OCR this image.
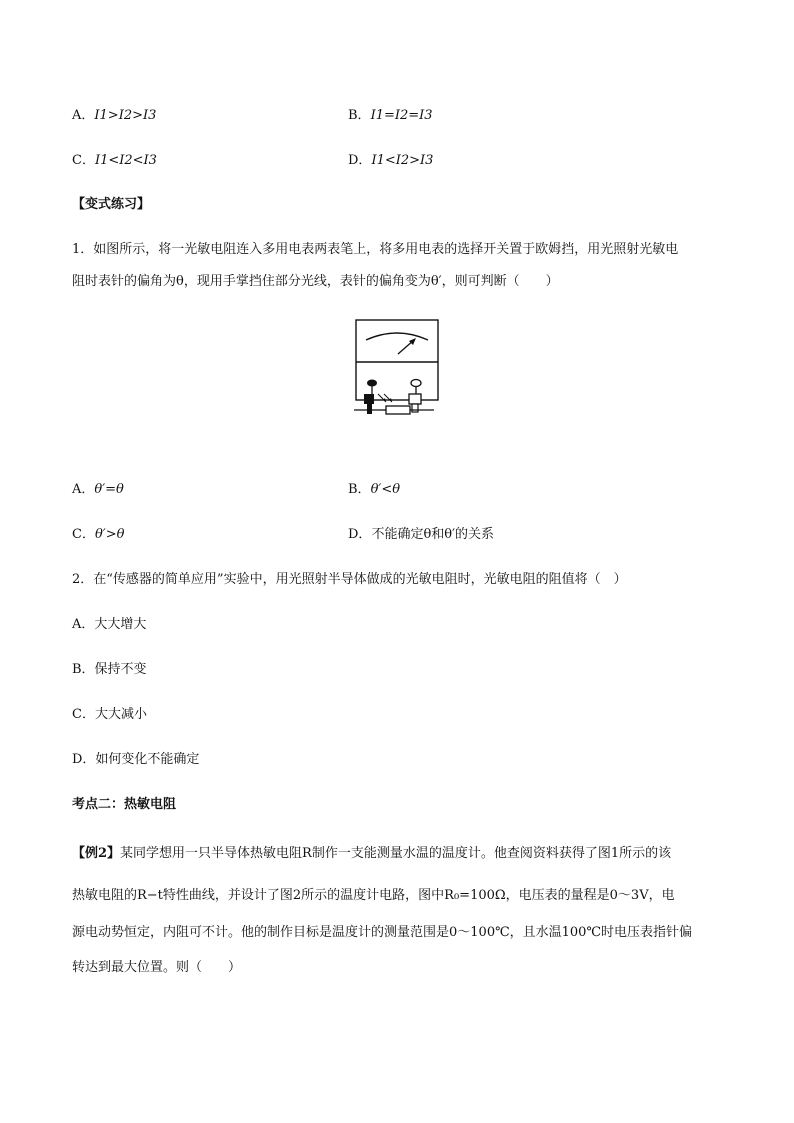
A．I1>I2>I3	B．I1=I2=I3
C．I1<I2<I3	D．I1<I2>I3
【变式练习】
1．如图所示，将一光敏电阻连入多用电表两表笔上，将多用电表的选择开关置于欧姆挡，用光照射光敏电
阻时表针的偏角为θ，现用手掌挡住部分光线，表针的偏角变为θ′，则可判断（　　）
A．θ′=θ	B．θ′<θ
C．θ′>θ	D．不能确定θ和θ′的关系
2．在“传感器的简单应用”实验中，用光照射半导体做成的光敏电阻时，光敏电阻的阻值将（　）
A．大大增大
B．保持不变
C．大大减小
D．如何变化不能确定
考点二：热敏电阻
【例2】某同学想用一只半导体热敏电阻R制作一支能测量水温的温度计。他查阅资料获得了图1所示的该
热敏电阻的R−t特性曲线，并设计了图2所示的温度计电路，图中R₀=100Ω，电压表的量程是0～3V，电
源电动势恒定，内阻可不计。他的制作目标是温度计的测量范围是0～100℃，且水温100℃时电压表指针偏
转达到最大位置。则（　　）
